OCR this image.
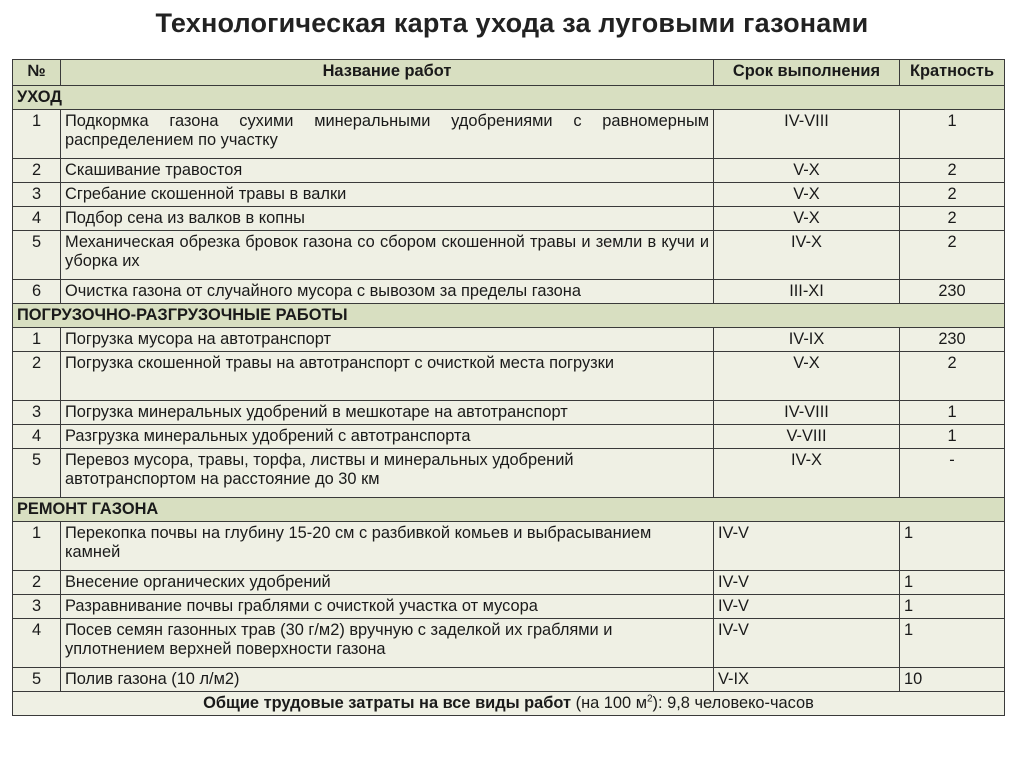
Технологическая карта ухода за луговыми газонами
№	Название работ	Срок выполнения	Кратность
УХОД			
1	Подкормка газона сухими минеральными удобрениями с равномерным распределением по участку	IV-VIII	1
2	Скашивание травостоя	V-X	2
3	Сгребание скошенной травы в валки	V-X	2
4	Подбор сена из валков в копны	V-X	2
5	Механическая обрезка бровок газона со сбором скошенной травы и земли в кучи и уборка их	IV-X	2
6	Очистка газона от случайного мусора с вывозом за пределы газона	III-XI	230
ПОГРУЗОЧНО-РАЗГРУЗОЧНЫЕ РАБОТЫ			
1	Погрузка мусора на автотранспорт	IV-IX	230
2	Погрузка скошенной травы на автотранспорт с очисткой места погрузки	V-X	2
3	Погрузка минеральных удобрений в мешкотаре на автотранспорт	IV-VIII	1
4	Разгрузка минеральных удобрений с автотранспорта	V-VIII	1
5	Перевоз мусора, травы, торфа, листвы и минеральных удобрений автотранспортом на расстояние до 30 км	IV-X	-
РЕМОНТ ГАЗОНА			
1	Перекопка почвы на глубину 15-20 см с разбивкой комьев и выбрасыванием камней	IV-V	1
2	Внесение органических удобрений	IV-V	1
3	Разравнивание почвы граблями с очисткой участка от мусора	IV-V	1
4	Посев семян газонных трав (30 г/м2) вручную с заделкой их граблями и уплотнением верхней поверхности газона	IV-V	1
5	Полив газона (10 л/м2)	V-IX	10
Общие трудовые затраты на все виды работ (на 100 $м^2$): 9,8 человеко-часов			
